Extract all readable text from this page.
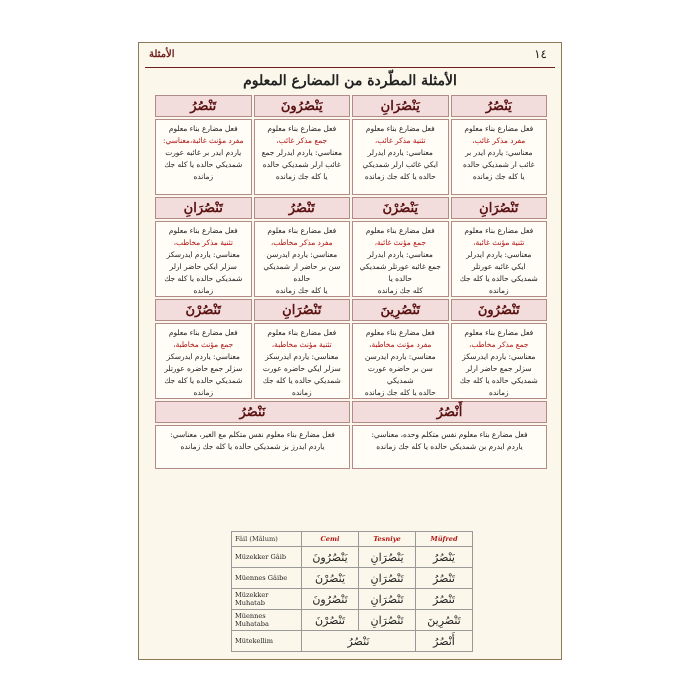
الأمثلة	١٤
الأمثلة المطّردة من المضارع المعلوم
يَنْصُرُ
يَنْصُرَانِ
يَنْصُرُونَ
تَنْصُرُ
فعل مضارع بناء معلوم
مفرد مذكر غائب،
معناسي: ياردم ايدر بر
غائب ار شمديكي حالده
يا كله جك زمانده
فعل مضارع بناء معلوم
تثنية مذكر غائب،
معناسي: ياردم ايدرلر
ايكي غائب ارلر شمديكي
حالده يا كله جك زمانده
فعل مضارع بناء معلوم
جمع مذكر غائب،
معناسي: ياردم ايدرلر جمع
غائب ارلر شمديكي حالده
يا كله جك زمانده
فعل مضارع بناء معلوم
مفرد مؤنث غائبة،معناسي:
ياردم ايدر بر غائبه عورت
شمديكي حالده يا كله جك
زمانده
تَنْصُرَانِ
يَنْصُرْنَ
تَنْصُرُ
تَنْصُرَانِ
فعل مضارع بناء معلوم
تثنية مؤنث غائبة،
معناسي: ياردم ايدرلر
ايكي غائبه عورتلر
شمديكي حالده يا كله جك زمانده
فعل مضارع بناء معلوم
جمع مؤنث غائبة،
معناسي: ياردم ايدرلر
جمع غائبه عورتلر شمديكي حالده يا
كله جك زمانده
فعل مضارع بناء معلوم
مفرد مذكر مخاطب،
معناسي: ياردم ايدرسن
سن بر حاضر ار شمديكي حالده
يا كله جك زمانده
فعل مضارع بناء معلوم
تثنية مذكر مخاطب،
معناسي: ياردم ايدرسكز
سزلر ايكي حاضر ارلر
شمديكي حالده يا كله جك زمانده
تَنْصُرُونَ
تَنْصُرِينَ
تَنْصُرَانِ
تَنْصُرْنَ
فعل مضارع بناء معلوم
جمع مذكر مخاطب،
معناسي: ياردم ايدرسكز
سزلر جمع حاضر ارلر
شمديكي حالده يا كله جك زمانده
فعل مضارع بناء معلوم
مفرد مؤنث مخاطبة،
معناسي: ياردم ايدرسن
سن بر حاضره عورت شمديكي
حالده يا كله جك زمانده
فعل مضارع بناء معلوم
تثنية مؤنث مخاطبة،
معناسي: ياردم ايدرسكز
سزلر ايكي حاضره عورت
شمديكي حالده يا كله جك زمانده
فعل مضارع بناء معلوم
جمع مؤنث مخاطبة،
معناسي: ياردم ايدرسكز
سزلر جمع حاضره عورتلر
شمديكي حالده يا كله جك زمانده
أَنْصُرُ
نَنْصُرُ
فعل مضارع بناء معلوم نفس متكلم وحده، معناسي:
ياردم ايدرم بن شمديكي حالده يا كله جك زمانده
فعل مضارع بناء معلوم نفس متكلم مع الغير، معناسي:
ياردم ايدرز بز شمديكي حالده يا كله جك زمانده
Fâil (Mâlum)	Cemi	Tesniye	Müfred
Müzekker Gâib	يَنْصُرُونَ	يَنْصُرَانِ	يَنْصُرُ
Müennes Gâibe	يَنْصُرْنَ	تَنْصُرَانِ	تَنْصُرُ
Müzekker Muhatab	تَنْصُرُونَ	تَنْصُرَانِ	تَنْصُرُ
Müennes Muhataba	تَنْصُرْنَ	تَنْصُرَانِ	تَنْصُرِينَ
Mütekellim	نَنْصُرُ		أَنْصُرُ
